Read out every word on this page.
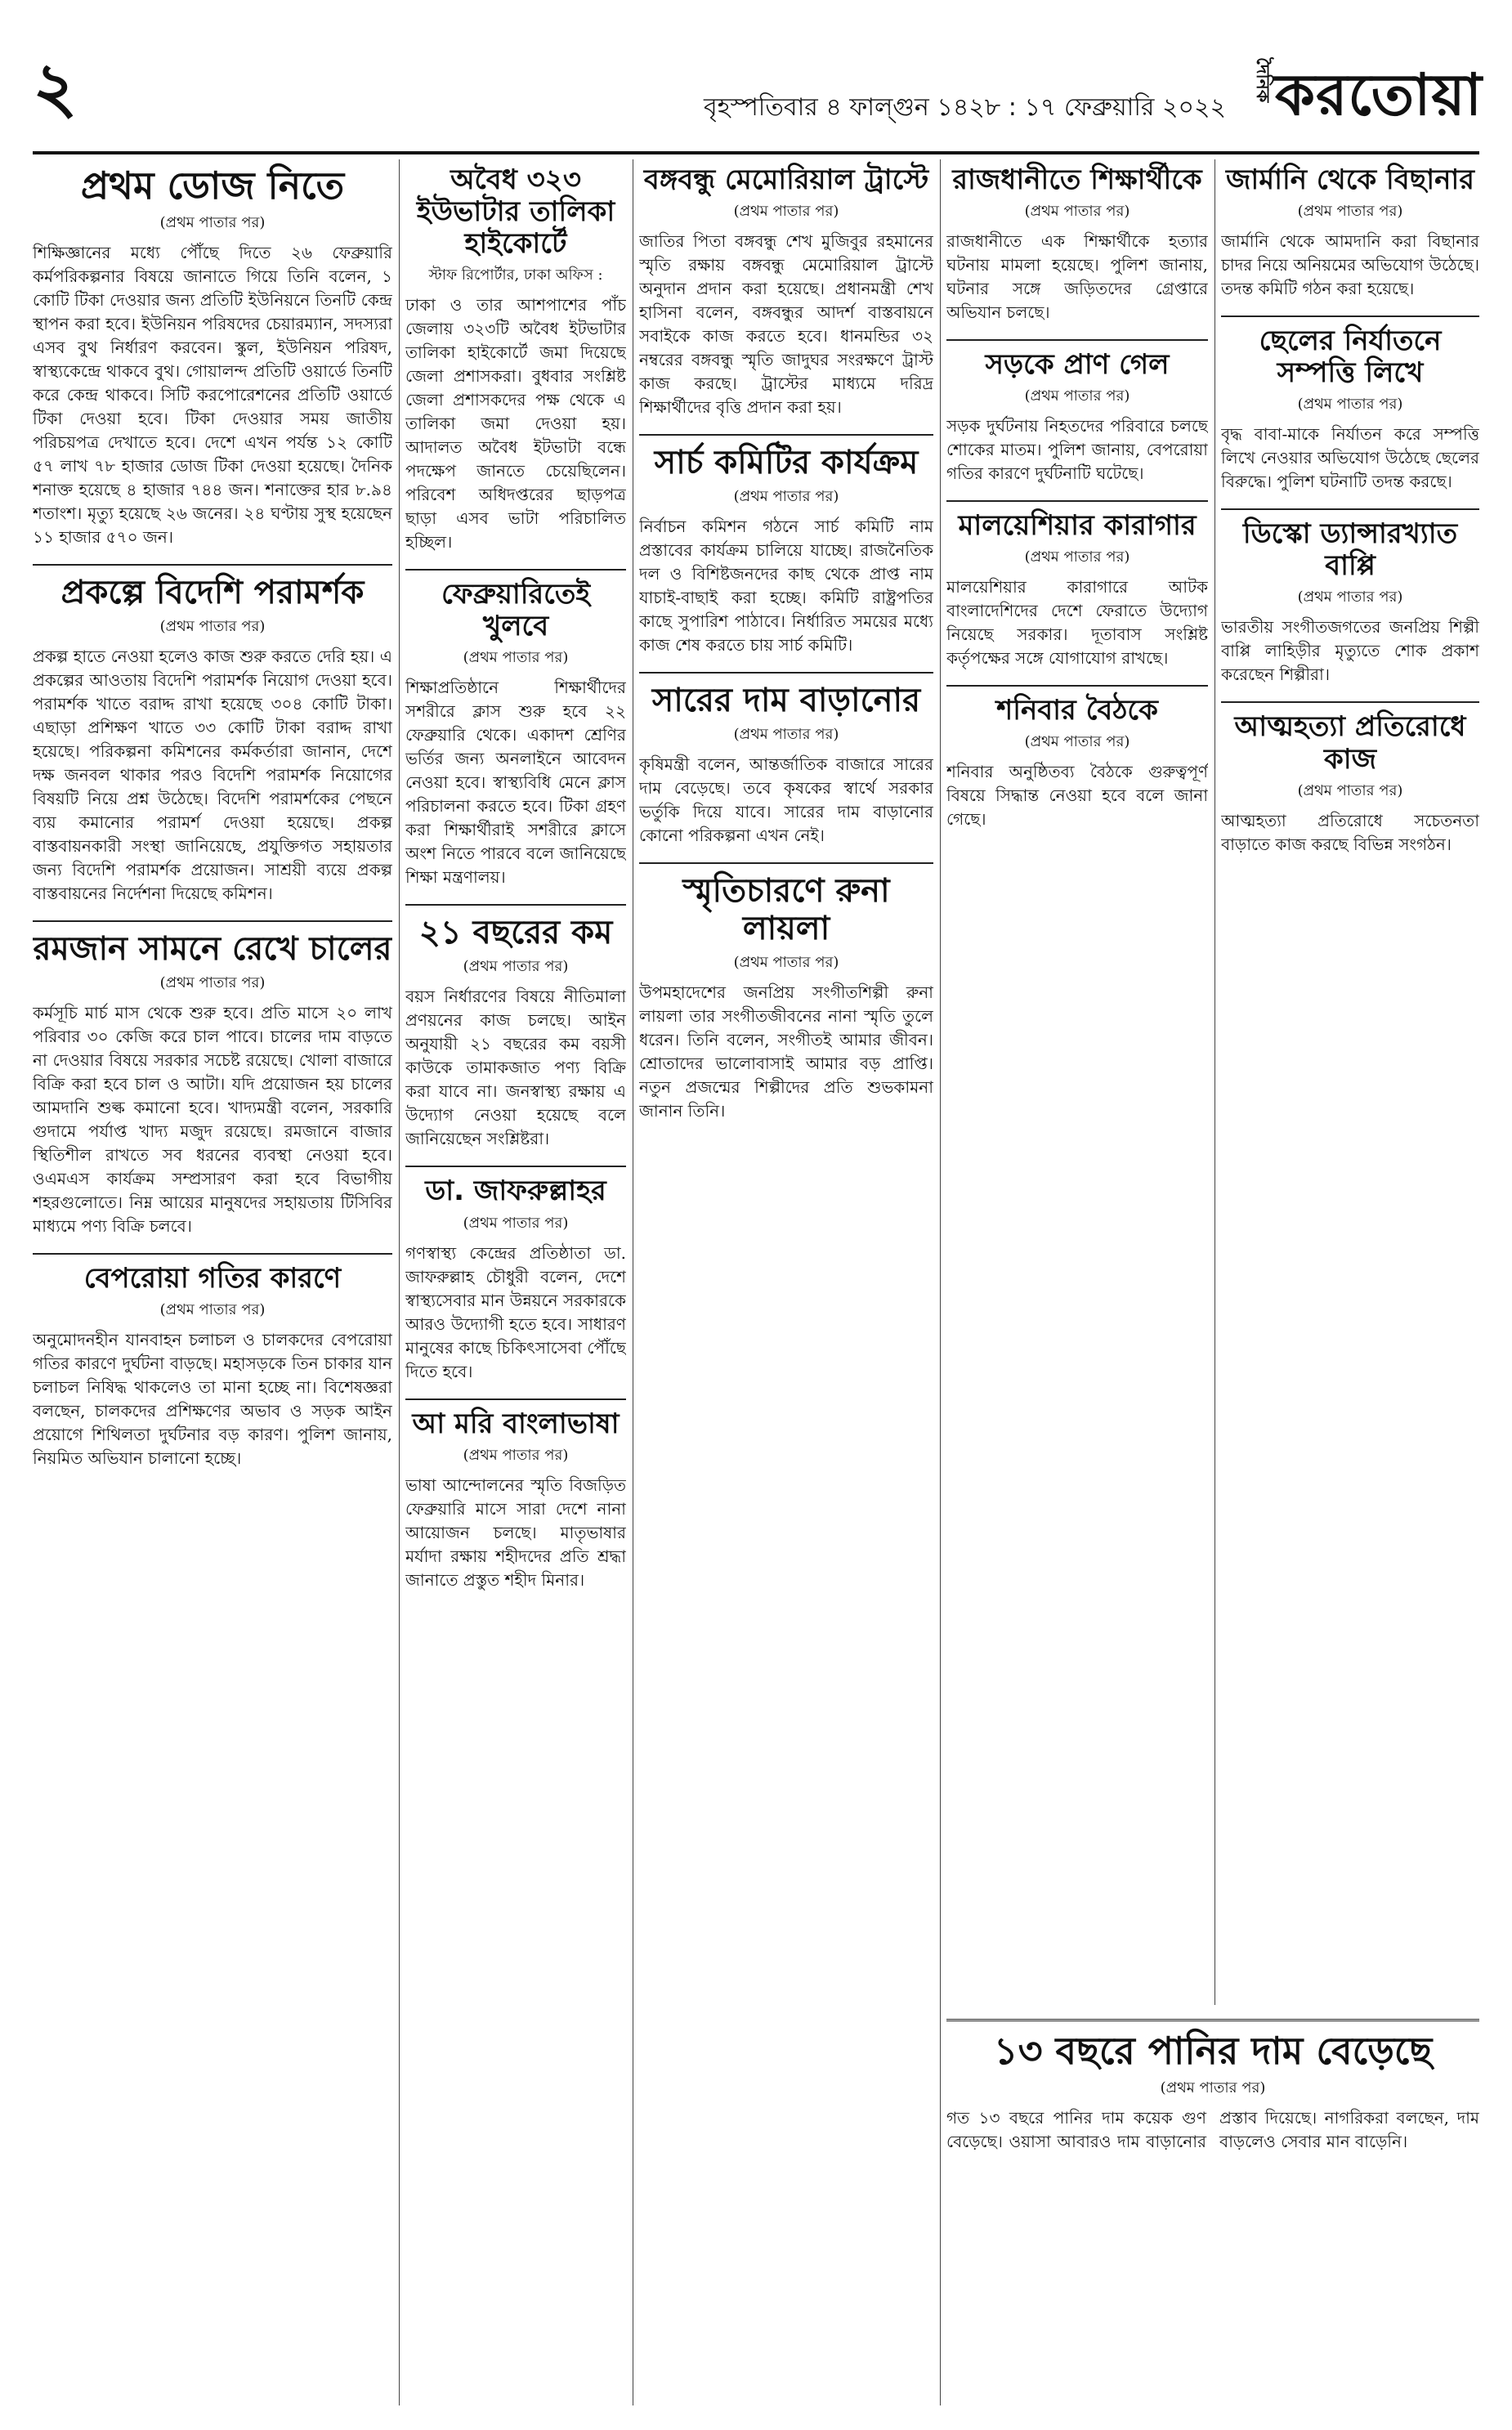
২	বৃহস্পতিবার ৪ ফাল্গুন ১৪২৮ : ১৭ ফেব্রুয়ারি ২০২২
দৈনিক করতোয়া
প্রথম ডোজ নিতে
(প্রথম পাতার পর)
শিক্ষিজ্ঞানের মধ্যে পৌঁছে দিতে ২৬ ফেব্রুয়ারি কর্মপরিকল্পনার বিষয়ে জানাতে গিয়ে তিনি বলেন, ১ কোটি টিকা দেওয়ার জন্য প্রতিটি ইউনিয়নে তিনটি কেন্দ্র স্থাপন করা হবে। ইউনিয়ন পরিষদের চেয়ারম্যান, সদস্যরা এসব বুথ নির্ধারণ করবেন। স্কুল, ইউনিয়ন পরিষদ, স্বাস্থ্যকেন্দ্রে থাকবে বুথ। গোয়ালন্দ প্রতিটি ওয়ার্ডে তিনটি করে কেন্দ্র থাকবে। সিটি করপোরেশনের প্রতিটি ওয়ার্ডে টিকা দেওয়া হবে। টিকা দেওয়ার সময় জাতীয় পরিচয়পত্র দেখাতে হবে। দেশে এখন পর্যন্ত ১২ কোটি ৫৭ লাখ ৭৮ হাজার ডোজ টিকা দেওয়া হয়েছে। দৈনিক শনাক্ত হয়েছে ৪ হাজার ৭৪৪ জন। শনাক্তের হার ৮.৯৪ শতাংশ। মৃত্যু হয়েছে ২৬ জনের। ২৪ ঘণ্টায় সুস্থ হয়েছেন ১১ হাজার ৫৭০ জন।
প্রকল্পে বিদেশি পরামর্শক
(প্রথম পাতার পর)
প্রকল্প হাতে নেওয়া হলেও কাজ শুরু করতে দেরি হয়। এ প্রকল্পের আওতায় বিদেশি পরামর্শক নিয়োগ দেওয়া হবে। পরামর্শক খাতে বরাদ্দ রাখা হয়েছে ৩০৪ কোটি টাকা। এছাড়া প্রশিক্ষণ খাতে ৩৩ কোটি টাকা বরাদ্দ রাখা হয়েছে। পরিকল্পনা কমিশনের কর্মকর্তারা জানান, দেশে দক্ষ জনবল থাকার পরও বিদেশি পরামর্শক নিয়োগের বিষয়টি নিয়ে প্রশ্ন উঠেছে। বিদেশি পরামর্শকের পেছনে ব্যয় কমানোর পরামর্শ দেওয়া হয়েছে। প্রকল্প বাস্তবায়নকারী সংস্থা জানিয়েছে, প্রযুক্তিগত সহায়তার জন্য বিদেশি পরামর্শক প্রয়োজন। সাশ্রয়ী ব্যয়ে প্রকল্প বাস্তবায়নের নির্দেশনা দিয়েছে কমিশন।
রমজান সামনে রেখে চালের
(প্রথম পাতার পর)
কর্মসূচি মার্চ মাস থেকে শুরু হবে। প্রতি মাসে ২০ লাখ পরিবার ৩০ কেজি করে চাল পাবে। চালের দাম বাড়তে না দেওয়ার বিষয়ে সরকার সচেষ্ট রয়েছে। খোলা বাজারে বিক্রি করা হবে চাল ও আটা। যদি প্রয়োজন হয় চালের আমদানি শুল্ক কমানো হবে। খাদ্যমন্ত্রী বলেন, সরকারি গুদামে পর্যাপ্ত খাদ্য মজুদ রয়েছে। রমজানে বাজার স্থিতিশীল রাখতে সব ধরনের ব্যবস্থা নেওয়া হবে। ওএমএস কার্যক্রম সম্প্রসারণ করা হবে বিভাগীয় শহরগুলোতে। নিম্ন আয়ের মানুষদের সহায়তায় টিসিবির মাধ্যমে পণ্য বিক্রি চলবে।
বেপরোয়া গতির কারণে
(প্রথম পাতার পর)
অনুমোদনহীন যানবাহন চলাচল ও চালকদের বেপরোয়া গতির কারণে দুর্ঘটনা বাড়ছে। মহাসড়কে তিন চাকার যান চলাচল নিষিদ্ধ থাকলেও তা মানা হচ্ছে না। বিশেষজ্ঞরা বলছেন, চালকদের প্রশিক্ষণের অভাব ও সড়ক আইন প্রয়োগে শিথিলতা দুর্ঘটনার বড় কারণ। পুলিশ জানায়, নিয়মিত অভিযান চালানো হচ্ছে।
অবৈধ ৩২৩ ইউভাটার তালিকা হাইকোর্টে
স্টাফ রিপোর্টার, ঢাকা অফিস :
ঢাকা ও তার আশপাশের পাঁচ জেলায় ৩২৩টি অবৈধ ইটভাটার তালিকা হাইকোর্টে জমা দিয়েছে জেলা প্রশাসকরা। বুধবার সংশ্লিষ্ট জেলা প্রশাসকদের পক্ষ থেকে এ তালিকা জমা দেওয়া হয়। আদালত অবৈধ ইটভাটা বন্ধে পদক্ষেপ জানতে চেয়েছিলেন। পরিবেশ অধিদপ্তরের ছাড়পত্র ছাড়া এসব ভাটা পরিচালিত হচ্ছিল।
ফেব্রুয়ারিতেই খুলবে
(প্রথম পাতার পর)
শিক্ষাপ্রতিষ্ঠানে শিক্ষার্থীদের সশরীরে ক্লাস শুরু হবে ২২ ফেব্রুয়ারি থেকে। একাদশ শ্রেণির ভর্তির জন্য অনলাইনে আবেদন নেওয়া হবে। স্বাস্থ্যবিধি মেনে ক্লাস পরিচালনা করতে হবে। টিকা গ্রহণ করা শিক্ষার্থীরাই সশরীরে ক্লাসে অংশ নিতে পারবে বলে জানিয়েছে শিক্ষা মন্ত্রণালয়।
২১ বছরের কম
(প্রথম পাতার পর)
বয়স নির্ধারণের বিষয়ে নীতিমালা প্রণয়নের কাজ চলছে। আইন অনুযায়ী ২১ বছরের কম বয়সী কাউকে তামাকজাত পণ্য বিক্রি করা যাবে না। জনস্বাস্থ্য রক্ষায় এ উদ্যোগ নেওয়া হয়েছে বলে জানিয়েছেন সংশ্লিষ্টরা।
ডা. জাফরুল্লাহর
(প্রথম পাতার পর)
গণস্বাস্থ্য কেন্দ্রের প্রতিষ্ঠাতা ডা. জাফরুল্লাহ চৌধুরী বলেন, দেশে স্বাস্থ্যসেবার মান উন্নয়নে সরকারকে আরও উদ্যোগী হতে হবে। সাধারণ মানুষের কাছে চিকিৎসাসেবা পৌঁছে দিতে হবে।
আ মরি বাংলাভাষা
(প্রথম পাতার পর)
ভাষা আন্দোলনের স্মৃতি বিজড়িত ফেব্রুয়ারি মাসে সারা দেশে নানা আয়োজন চলছে। মাতৃভাষার মর্যাদা রক্ষায় শহীদদের প্রতি শ্রদ্ধা জানাতে প্রস্তুত শহীদ মিনার।
বঙ্গবন্ধু মেমোরিয়াল ট্রাস্টে
(প্রথম পাতার পর)
জাতির পিতা বঙ্গবন্ধু শেখ মুজিবুর রহমানের স্মৃতি রক্ষায় বঙ্গবন্ধু মেমোরিয়াল ট্রাস্টে অনুদান প্রদান করা হয়েছে। প্রধানমন্ত্রী শেখ হাসিনা বলেন, বঙ্গবন্ধুর আদর্শ বাস্তবায়নে সবাইকে কাজ করতে হবে। ধানমন্ডির ৩২ নম্বরের বঙ্গবন্ধু স্মৃতি জাদুঘর সংরক্ষণে ট্রাস্ট কাজ করছে। ট্রাস্টের মাধ্যমে দরিদ্র শিক্ষার্থীদের বৃত্তি প্রদান করা হয়।
সার্চ কমিটির কার্যক্রম
(প্রথম পাতার পর)
নির্বাচন কমিশন গঠনে সার্চ কমিটি নাম প্রস্তাবের কার্যক্রম চালিয়ে যাচ্ছে। রাজনৈতিক দল ও বিশিষ্টজনদের কাছ থেকে প্রাপ্ত নাম যাচাই-বাছাই করা হচ্ছে। কমিটি রাষ্ট্রপতির কাছে সুপারিশ পাঠাবে। নির্ধারিত সময়ের মধ্যে কাজ শেষ করতে চায় সার্চ কমিটি।
সারের দাম বাড়ানোর
(প্রথম পাতার পর)
কৃষিমন্ত্রী বলেন, আন্তর্জাতিক বাজারে সারের দাম বেড়েছে। তবে কৃষকের স্বার্থে সরকার ভর্তুকি দিয়ে যাবে। সারের দাম বাড়ানোর কোনো পরিকল্পনা এখন নেই।
স্মৃতিচারণে রুনা লায়লা
(প্রথম পাতার পর)
উপমহাদেশের জনপ্রিয় সংগীতশিল্পী রুনা লায়লা তার সংগীতজীবনের নানা স্মৃতি তুলে ধরেন। তিনি বলেন, সংগীতই আমার জীবন। শ্রোতাদের ভালোবাসাই আমার বড় প্রাপ্তি। নতুন প্রজন্মের শিল্পীদের প্রতি শুভকামনা জানান তিনি।
রাজধানীতে শিক্ষার্থীকে
(প্রথম পাতার পর)
রাজধানীতে এক শিক্ষার্থীকে হত্যার ঘটনায় মামলা হয়েছে। পুলিশ জানায়, ঘটনার সঙ্গে জড়িতদের গ্রেপ্তারে অভিযান চলছে।
সড়কে প্রাণ গেল
(প্রথম পাতার পর)
সড়ক দুর্ঘটনায় নিহতদের পরিবারে চলছে শোকের মাতম। পুলিশ জানায়, বেপরোয়া গতির কারণে দুর্ঘটনাটি ঘটেছে।
মালয়েশিয়ার কারাগার
(প্রথম পাতার পর)
মালয়েশিয়ার কারাগারে আটক বাংলাদেশিদের দেশে ফেরাতে উদ্যোগ নিয়েছে সরকার। দূতাবাস সংশ্লিষ্ট কর্তৃপক্ষের সঙ্গে যোগাযোগ রাখছে।
শনিবার বৈঠকে
(প্রথম পাতার পর)
শনিবার অনুষ্ঠিতব্য বৈঠকে গুরুত্বপূর্ণ বিষয়ে সিদ্ধান্ত নেওয়া হবে বলে জানা গেছে।
জার্মানি থেকে বিছানার
(প্রথম পাতার পর)
জার্মানি থেকে আমদানি করা বিছানার চাদর নিয়ে অনিয়মের অভিযোগ উঠেছে। তদন্ত কমিটি গঠন করা হয়েছে।
ছেলের নির্যাতনে সম্পত্তি লিখে
(প্রথম পাতার পর)
বৃদ্ধ বাবা-মাকে নির্যাতন করে সম্পত্তি লিখে নেওয়ার অভিযোগ উঠেছে ছেলের বিরুদ্ধে। পুলিশ ঘটনাটি তদন্ত করছে।
ডিস্কো ড্যান্সারখ্যাত বাপ্পি
(প্রথম পাতার পর)
ভারতীয় সংগীতজগতের জনপ্রিয় শিল্পী বাপ্পি লাহিড়ীর মৃত্যুতে শোক প্রকাশ করেছেন শিল্পীরা।
আত্মহত্যা প্রতিরোধে কাজ
(প্রথম পাতার পর)
আত্মহত্যা প্রতিরোধে সচেতনতা বাড়াতে কাজ করছে বিভিন্ন সংগঠন।
১৩ বছরে পানির দাম বেড়েছে
(প্রথম পাতার পর)
গত ১৩ বছরে পানির দাম কয়েক গুণ বেড়েছে। ওয়াসা আবারও দাম বাড়ানোর প্রস্তাব দিয়েছে। নাগরিকরা বলছেন, দাম বাড়লেও সেবার মান বাড়েনি।
